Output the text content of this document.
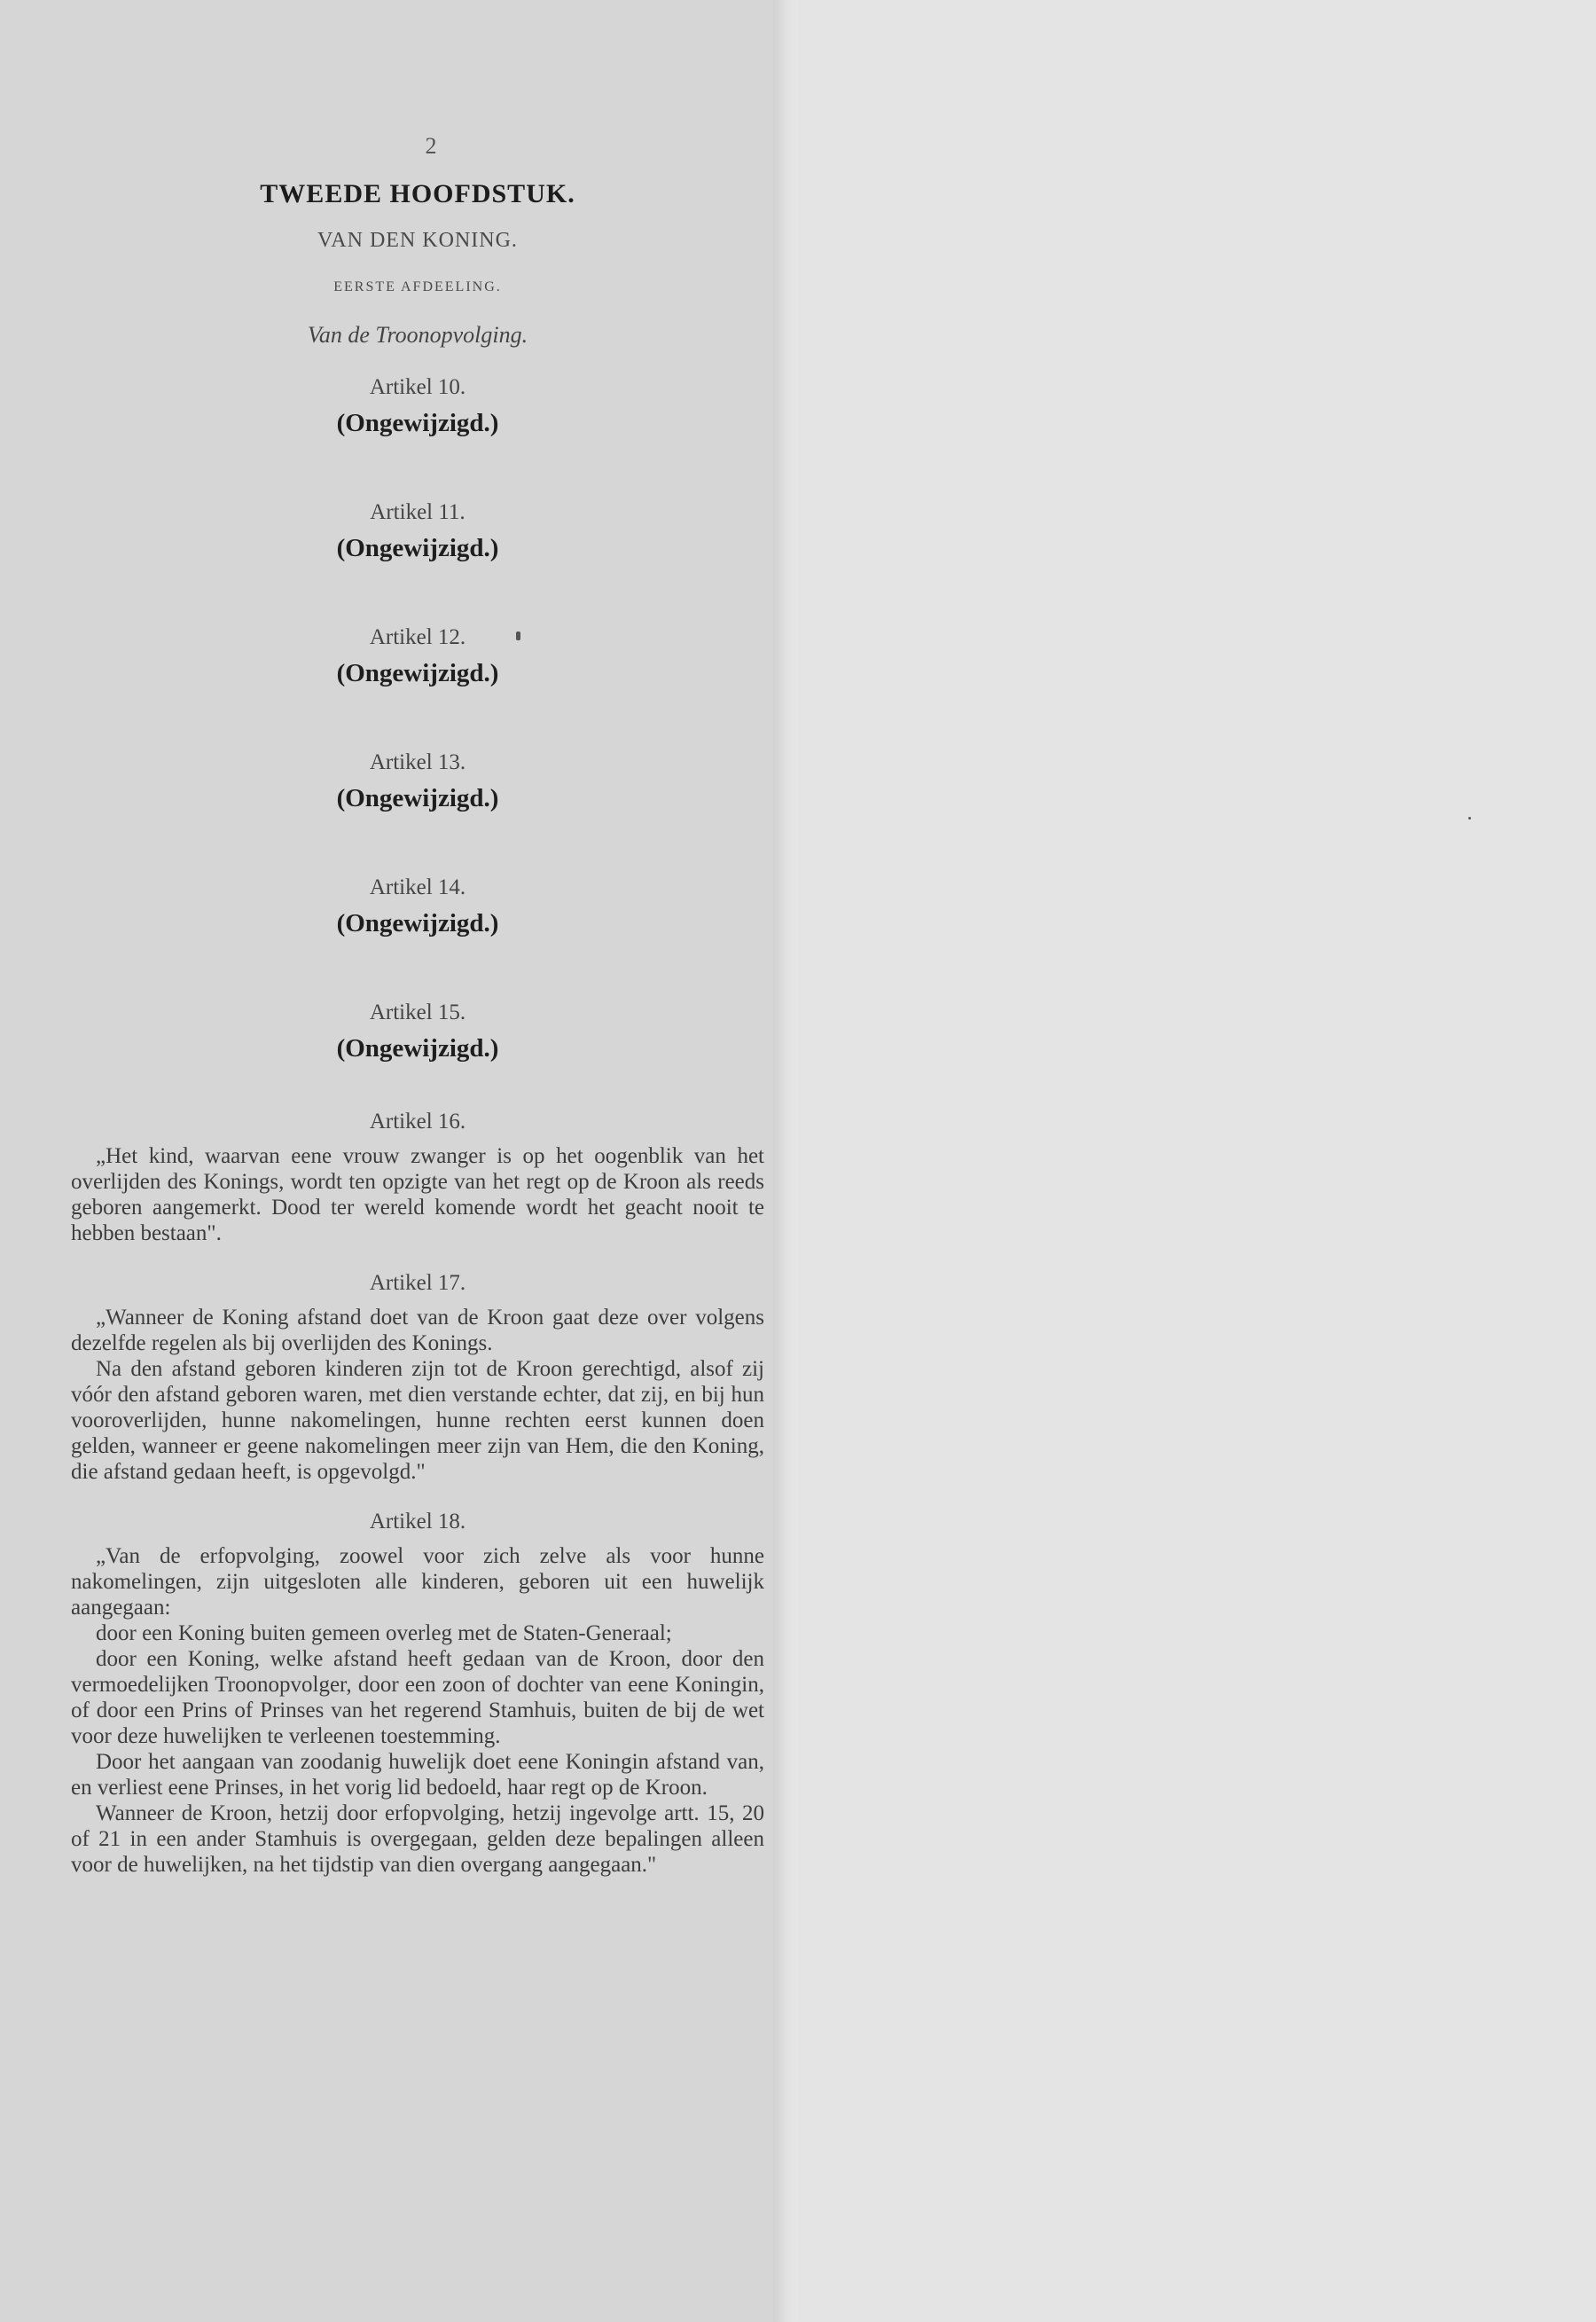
2

TWEEDE HOOFDSTUK.

VAN DEN KONING.

EERSTE AFDEELING.

Van de Troonopvolging.

Artikel 10.

(Ongewijzigd.)

Artikel 11.

(Ongewijzigd.)

Artikel 12.

(Ongewijzigd.)

Artikel 13.

(Ongewijzigd.)

Artikel 14.

(Ongewijzigd.)

Artikel 15.

(Ongewijzigd.)

Artikel 16.

„Het kind, waarvan eene vrouw zwanger is op het oogenblik van het overlijden des Konings, wordt ten opzigte van het regt op de Kroon als reeds geboren aangemerkt. Dood ter wereld komende wordt het geacht nooit te hebben bestaan".

Artikel 17.

„Wanneer de Koning afstand doet van de Kroon gaat deze over volgens dezelfde regelen als bij overlijden des Konings.

Na den afstand geboren kinderen zijn tot de Kroon gerechtigd, alsof zij vóór den afstand geboren waren, met dien verstande echter, dat zij, en bij hun vooroverlijden, hunne nakomelingen, hunne rechten eerst kunnen doen gelden, wanneer er geene nakomelingen meer zijn van Hem, die den Koning, die afstand gedaan heeft, is opgevolgd."

Artikel 18.

„Van de erfopvolging, zoowel voor zich zelve als voor hunne nakomelingen, zijn uitgesloten alle kinderen, geboren uit een huwelijk aangegaan:

door een Koning buiten gemeen overleg met de Staten-Generaal;

door een Koning, welke afstand heeft gedaan van de Kroon, door den vermoedelijken Troonopvolger, door een zoon of dochter van eene Koningin, of door een Prins of Prinses van het regerend Stamhuis, buiten de bij de wet voor deze huwelijken te verleenen toestemming.

Door het aangaan van zoodanig huwelijk doet eene Koningin afstand van, en verliest eene Prinses, in het vorig lid bedoeld, haar regt op de Kroon.

Wanneer de Kroon, hetzij door erfopvolging, hetzij ingevolge artt. 15, 20 of 21 in een ander Stamhuis is overgegaan, gelden deze bepalingen alleen voor de huwelijken, na het tijdstip van dien overgang aangegaan."
